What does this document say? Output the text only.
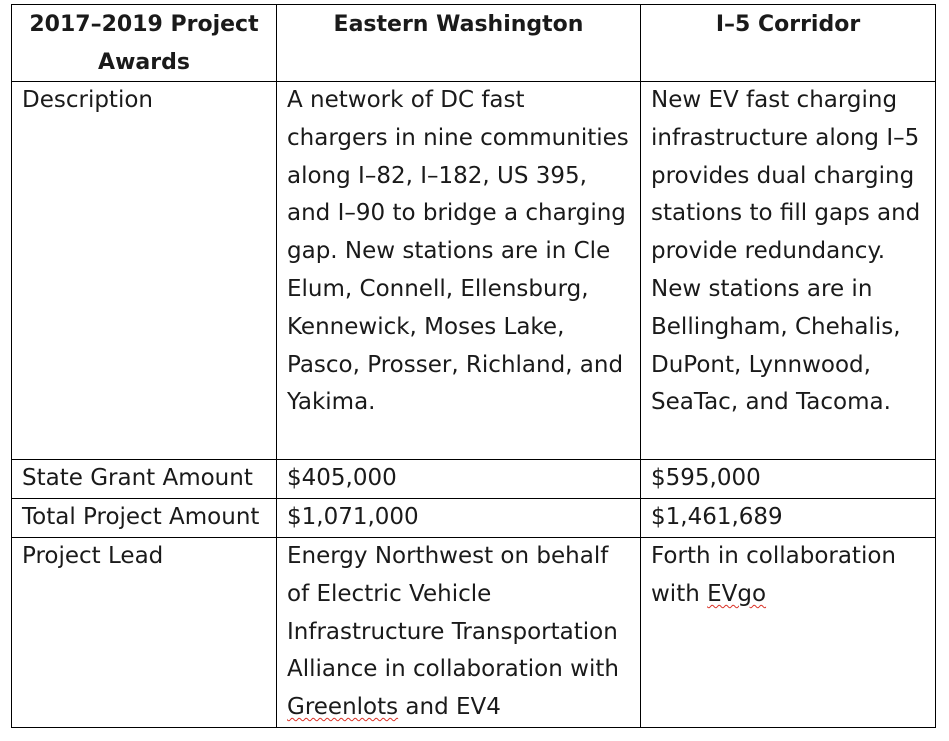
2017–2019 Project Awards	Eastern Washington	I–5 Corridor
Description	A network of DC fast chargers in nine communities along I–82, I–182, US 395, and I–90 to bridge a charging gap. New stations are in Cle Elum, Connell, Ellensburg, Kennewick, Moses Lake, Pasco, Prosser, Richland, and Yakima.	New EV fast charging infrastructure along I–5 provides dual charging stations to fill gaps and provide redundancy. New stations are in Bellingham, Chehalis, DuPont, Lynnwood, SeaTac, and Tacoma.
State Grant Amount	$405,000	$595,000
Total Project Amount	$1,071,000	$1,461,689
Project Lead	Energy Northwest on behalf of Electric Vehicle Infrastructure Transportation Alliance in collaboration with Greenlots and EV4	Forth in collaboration with EVgo
